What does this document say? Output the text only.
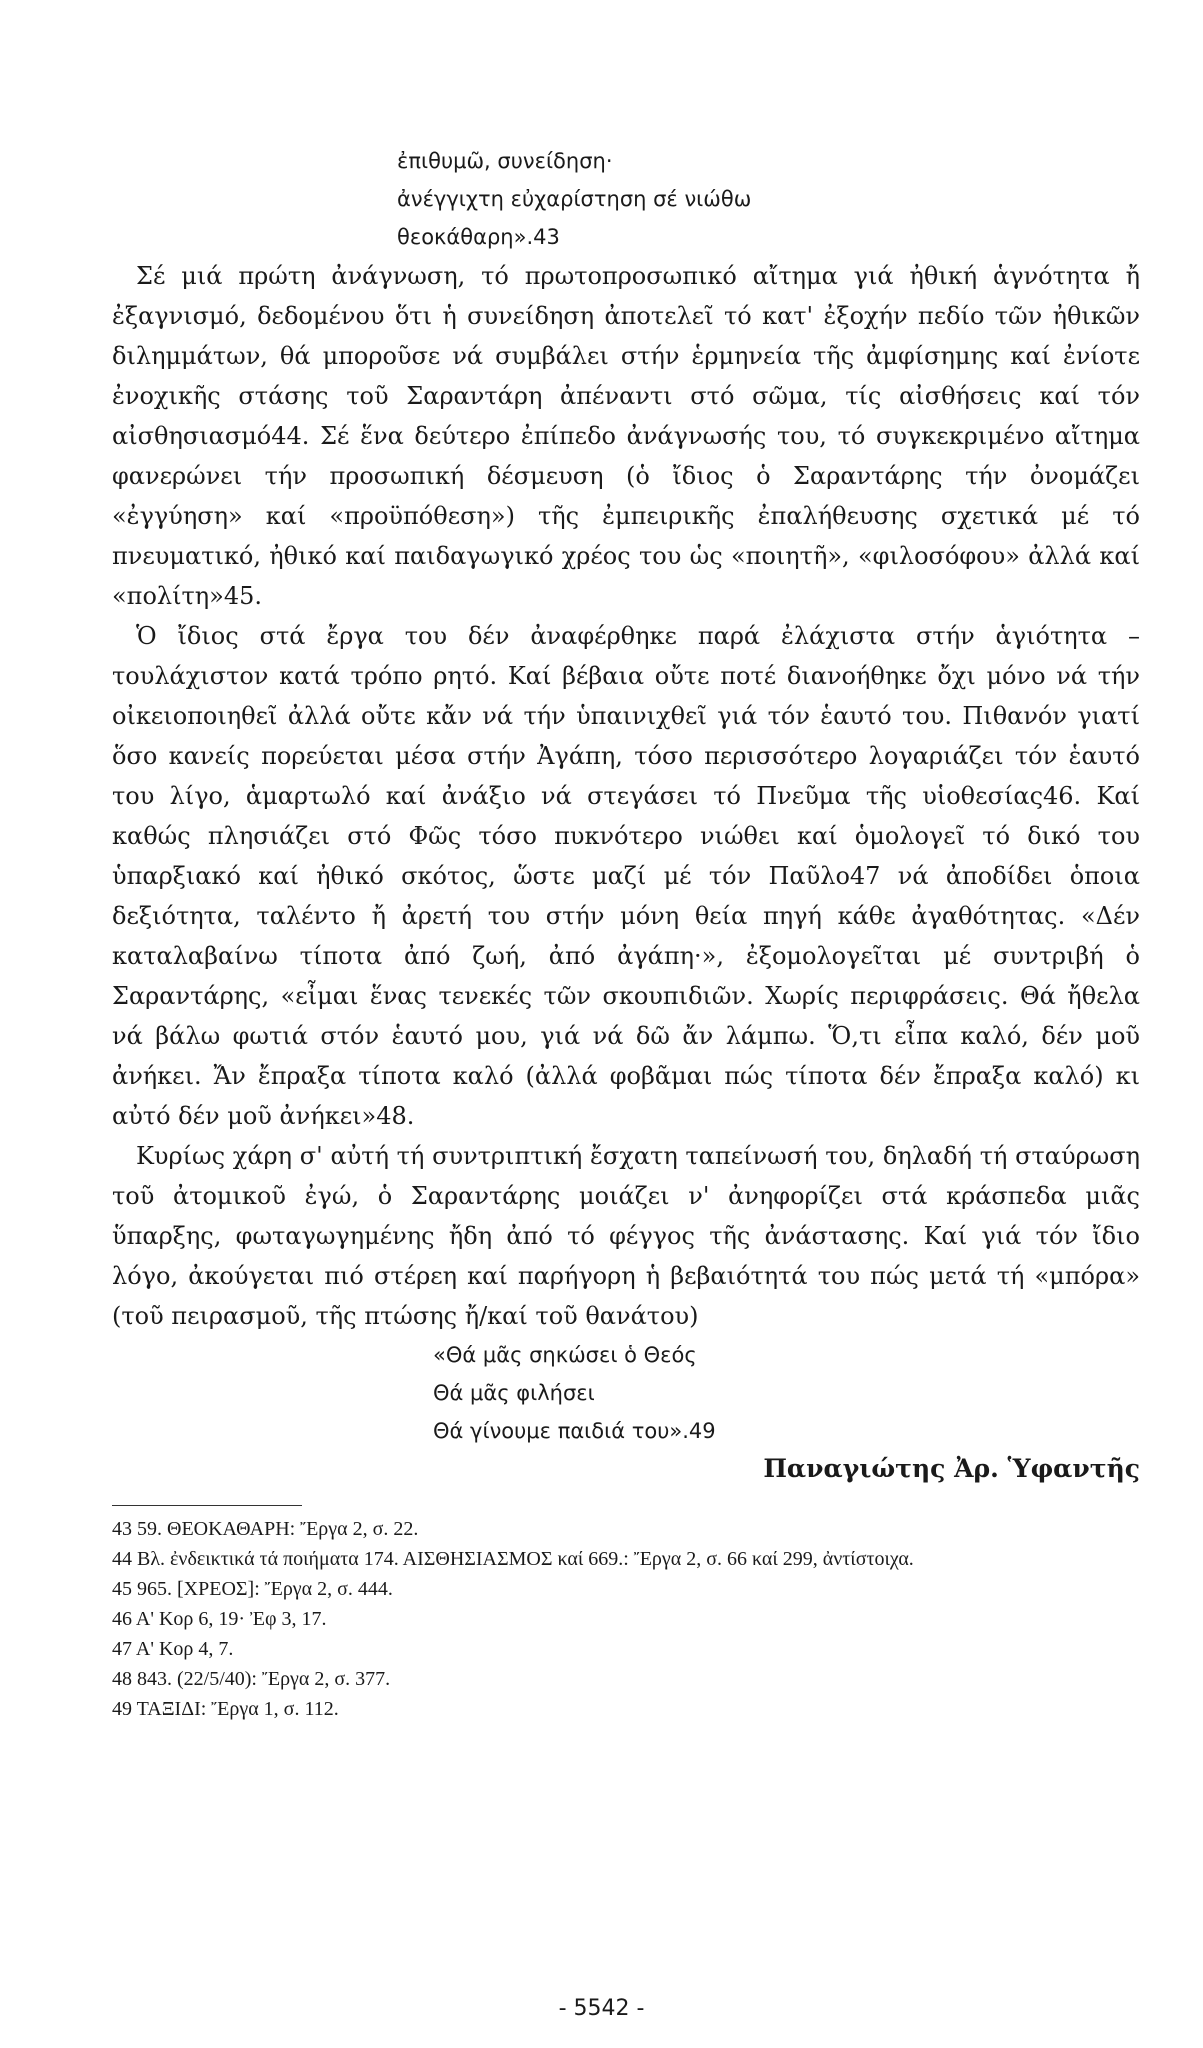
ἐπιθυμῶ, συνείδηση·

ἀνέγγιχτη εὐχαρίστηση σέ νιώθω

θεοκάθαρη».43

Σέ μιά πρώτη ἀνάγνωση, τό πρωτοπροσωπικό αἴτημα γιά ἠθική ἁγνότητα ἤ ἐξαγνισμό, δεδομένου ὅτι ἡ συνείδηση ἀποτελεῖ τό κατ' ἐξοχήν πεδίο τῶν ἠθικῶν διλημμάτων, θά μποροῦσε νά συμβάλει στήν ἑρμηνεία τῆς ἀμφίσημης καί ἐνίοτε ἐνοχικῆς στάσης τοῦ Σαραντάρη ἀπέναντι στό σῶμα, τίς αἰσθήσεις καί τόν αἰσθησιασμό44. Σέ ἕνα δεύτερο ἐπίπεδο ἀνάγνωσής του, τό συγκεκριμένο αἴτημα φανερώνει τήν προσωπική δέσμευση (ὁ ἴδιος ὁ Σαραντάρης τήν ὀνομάζει «ἐγγύηση» καί «προϋπόθεση») τῆς ἐμπειρικῆς ἐπαλήθευσης σχετικά μέ τό πνευματικό, ἠθικό καί παιδαγωγικό χρέος του ὡς «ποιητῆ», «φιλοσόφου» ἀλλά καί «πολίτη»45.

Ὁ ἴδιος στά ἔργα του δέν ἀναφέρθηκε παρά ἐλάχιστα στήν ἁγιότητα – τουλάχιστον κατά τρόπο ρητό. Καί βέβαια οὔτε ποτέ διανοήθηκε ὄχι μόνο νά τήν οἰκειοποιηθεῖ ἀλλά οὔτε κἄν νά τήν ὑπαινιχθεῖ γιά τόν ἑαυτό του. Πιθανόν γιατί ὅσο κανείς πορεύεται μέσα στήν Ἀγάπη, τόσο περισσότερο λογαριάζει τόν ἑαυτό του λίγο, ἁμαρτωλό καί ἀνάξιο νά στεγάσει τό Πνεῦμα τῆς υἱοθεσίας46. Καί καθώς πλησιάζει στό Φῶς τόσο πυκνότερο νιώθει καί ὁμολογεῖ τό δικό του ὑπαρξιακό καί ἠθικό σκότος, ὥστε μαζί μέ τόν Παῦλο47 νά ἀποδίδει ὁποια δεξιότητα, ταλέντο ἤ ἀρετή του στήν μόνη θεία πηγή κάθε ἀγαθότητας. «Δέν καταλαβαίνω τίποτα ἀπό ζωή, ἀπό ἀγάπη·», ἐξομολογεῖται μέ συντριβή ὁ Σαραντάρης, «εἶμαι ἕνας τενεκές τῶν σκουπιδιῶν. Χωρίς περιφράσεις. Θά ἤθελα νά βάλω φωτιά στόν ἑαυτό μου, γιά νά δῶ ἄν λάμπω. Ὅ,τι εἶπα καλό, δέν μοῦ ἀνήκει. Ἄν ἔπραξα τίποτα καλό (ἀλλά φοβᾶμαι πώς τίποτα δέν ἔπραξα καλό) κι αὐτό δέν μοῦ ἀνήκει»48.

Κυρίως χάρη σ' αὐτή τή συντριπτική ἔσχατη ταπείνωσή του, δηλαδή τή σταύρωση τοῦ ἀτομικοῦ ἐγώ, ὁ Σαραντάρης μοιάζει ν' ἀνηφορίζει στά κράσπεδα μιᾶς ὕπαρξης, φωταγωγημένης ἤδη ἀπό τό φέγγος τῆς ἀνάστασης. Καί γιά τόν ἴδιο λόγο, ἀκούγεται πιό στέρεη καί παρήγορη ἡ βεβαιότητά του πώς μετά τή «μπόρα» (τοῦ πειρασμοῦ, τῆς πτώσης ἤ/καί τοῦ θανάτου)

«Θά μᾶς σηκώσει ὁ Θεός

Θά μᾶς φιλήσει

Θά γίνουμε παιδιά του».49

Παναγιώτης Ἀρ. Ὑφαντῆς
43 59. ΘΕΟΚΑΘΑΡΗ: Ἔργα 2, σ. 22.
44 Βλ. ἐνδεικτικά τά ποιήματα 174. ΑΙΣΘΗΣΙΑΣΜΟΣ καί 669.: Ἔργα 2, σ. 66 καί 299, ἀντίστοιχα.
45 965. [ΧΡΕΟΣ]: Ἔργα 2, σ. 444.
46 Α' Κορ 6, 19· Ἐφ 3, 17.
47 Α' Κορ 4, 7.
48 843. (22/5/40): Ἔργα 2, σ. 377.
49 ΤΑΞΙΔΙ: Ἔργα 1, σ. 112.
- 5542 -
